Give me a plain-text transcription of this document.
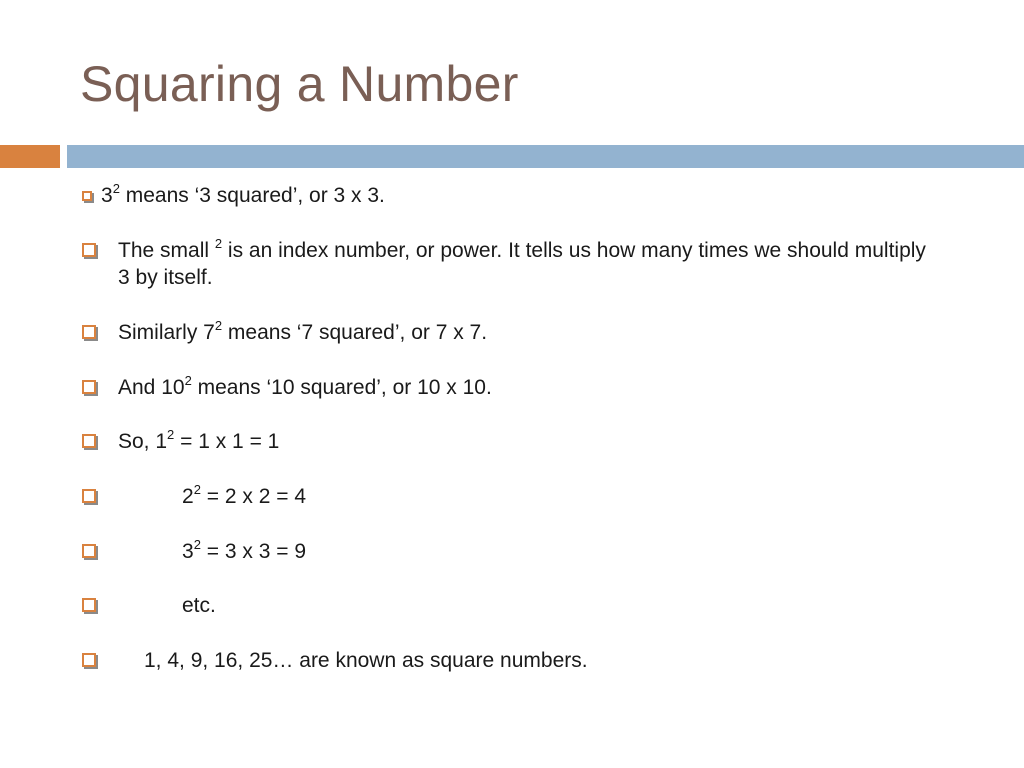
Squaring a Number
$3^2$ means ‘3 squared’, or 3 x 3.
The small $^2$ is an index number, or power. It tells us how many times we should multiply 3 by itself.
Similarly $7^2$ means ‘7 squared’, or 7 x 7.
And $10^2$ means ‘10 squared’, or 10 x 10.
So, $1^2 = 1$ x 1 = 1
$2^2 = 2$ x 2 = 4
$3^2 = 3$ x 3 = 9
etc.
1, 4, 9, 16, 25… are known as square numbers.
